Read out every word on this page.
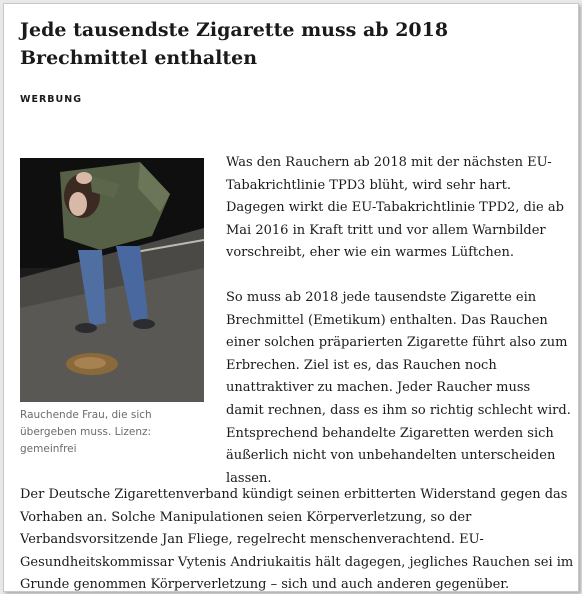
Jede tausendste Zigarette muss ab 2018 Brechmittel enthalten
WERBUNG
Rauchende Frau, die sich übergeben muss. Lizenz: gemeinfrei

Was den Rauchern ab 2018 mit der nächsten EU-Tabakrichtlinie TPD3 blüht, wird sehr hart. Dagegen wirkt die EU-Tabakrichtlinie TPD2, die ab Mai 2016 in Kraft tritt und vor allem Warnbilder vorschreibt, eher wie ein warmes Lüftchen.

So muss ab 2018 jede tausendste Zigarette ein Brechmittel (Emetikum) enthalten. Das Rauchen einer solchen präparierten Zigarette führt also zum Erbrechen. Ziel ist es, das Rauchen noch unattraktiver zu machen. Jeder Raucher muss damit rechnen, dass es ihm so richtig schlecht wird. Entsprechend behandelte Zigaretten werden sich äußerlich nicht von unbehandelten unterscheiden lassen.

Der Deutsche Zigarettenverband kündigt seinen erbitterten Widerstand gegen das Vorhaben an. Solche Manipulationen seien Körperverletzung, so der Verbandsvorsitzende Jan Fliege, regelrecht menschenverachtend. EU-Gesundheitskommissar Vytenis Andriukaitis hält dagegen, jegliches Rauchen sei im Grunde genommen Körperverletzung – sich und auch anderen gegenüber.
